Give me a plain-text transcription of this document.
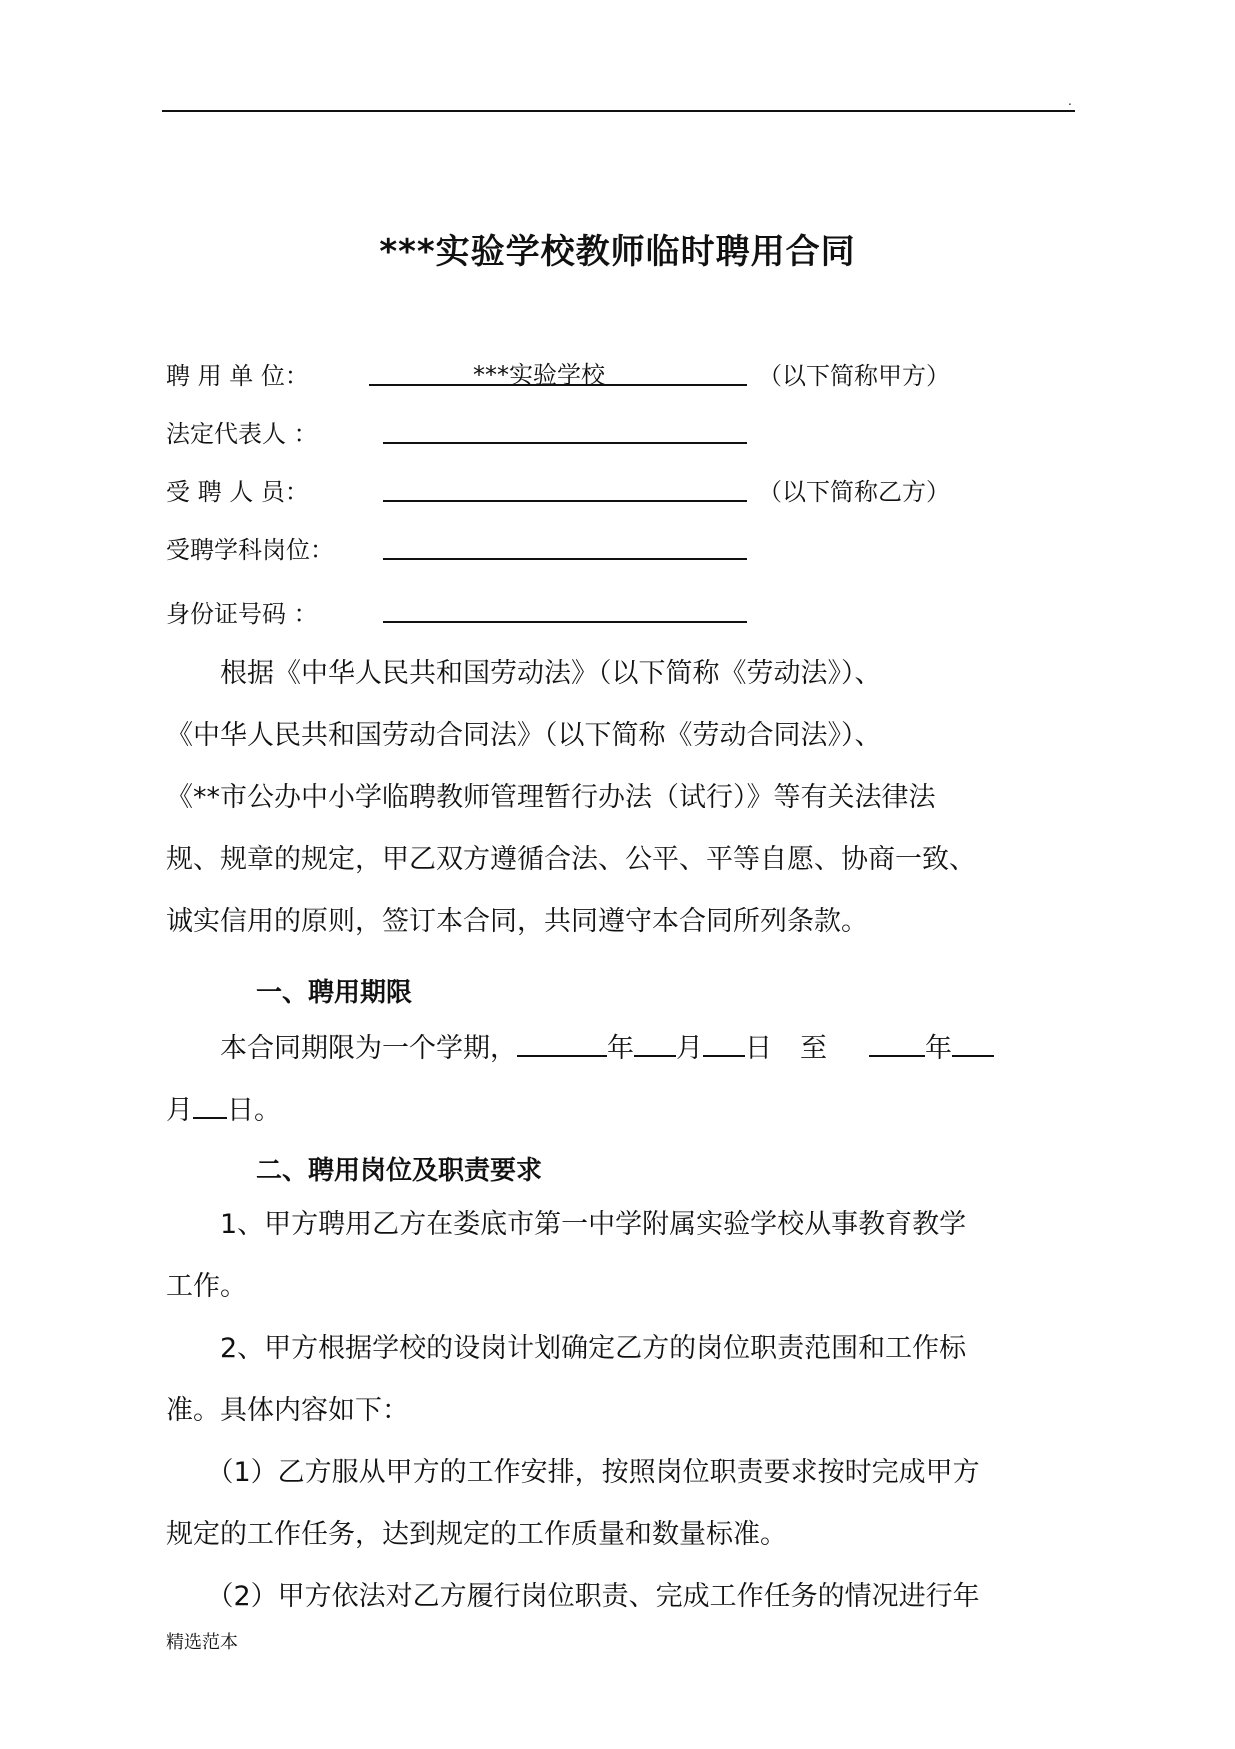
.
***实验学校教师临时聘用合同
聘 用 单 位：	***实验学校	（以下简称甲方）
法定代表人 ：
受 聘 人 员：	（以下简称乙方）
受聘学科岗位：
身份证号码 ：
　　根据《中华人民共和国劳动法》（以下简称《劳动法》）、
《中华人民共和国劳动合同法》（以下简称《劳动合同法》）、
《**市公办中小学临聘教师管理暂行办法（试行）》等有关法律法
规、规章的规定，甲乙双方遵循合法、公平、平等自愿、协商一致、
诚实信用的原则，签订本合同，共同遵守本合同所列条款。
一、聘用期限
　　本合同期限为一个学期，	年 月 日 至	年
月 日。
二、聘用岗位及职责要求
　　1、甲方聘用乙方在娄底市第一中学附属实验学校从事教育教学
工作。
　　2、甲方根据学校的设岗计划确定乙方的岗位职责范围和工作标
准。具体内容如下：
　　（1）乙方服从甲方的工作安排，按照岗位职责要求按时完成甲方
规定的工作任务，达到规定的工作质量和数量标准。
　　（2）甲方依法对乙方履行岗位职责、完成工作任务的情况进行年
精选范本
